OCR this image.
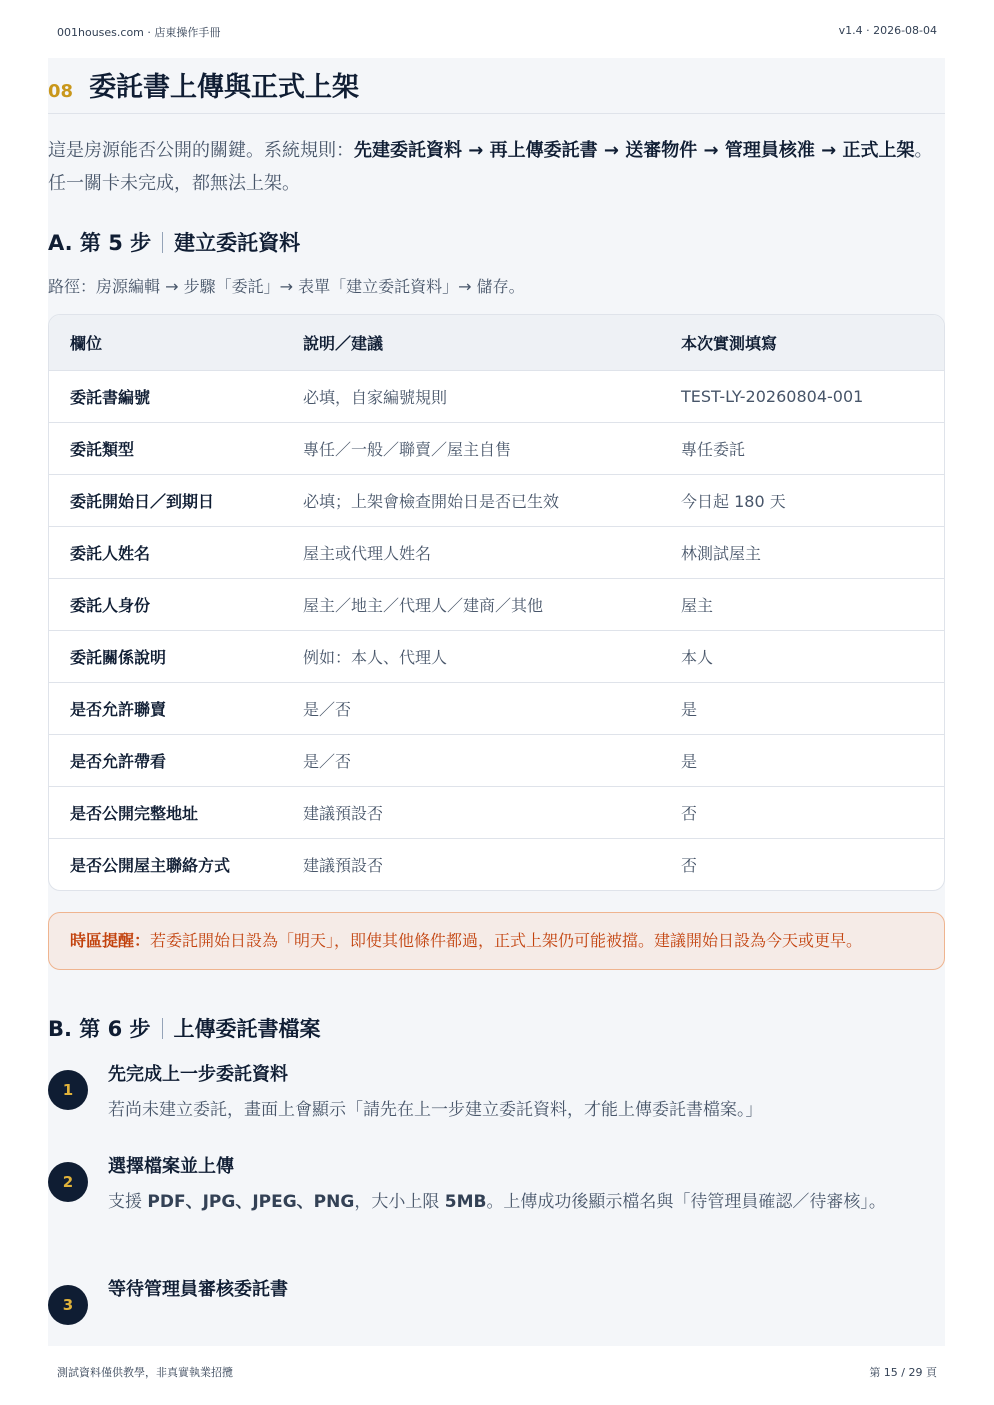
001houses.com · 店東操作手冊	v1.4 · 2026-08-04
08 委託書上傳與正式上架

這是房源能否公開的關鍵。系統規則：先建委託資料 → 再上傳委託書 → 送審物件 → 管理員核准 → 正式上架。任一關卡未完成，都無法上架。

A. 第 5 步 建立委託資料
路徑：房源編輯 → 步驟「委託」→ 表單「建立委託資料」→ 儲存。
欄位	說明／建議	本次實測填寫
委託書編號	必填，自家編號規則	TEST-LY-20260804-001
委託類型	專任／一般／聯賣／屋主自售	專任委託
委託開始日／到期日	必填；上架會檢查開始日是否已生效	今日起 180 天
委託人姓名	屋主或代理人姓名	林測試屋主
委託人身份	屋主／地主／代理人／建商／其他	屋主
委託關係說明	例如：本人、代理人	本人
是否允許聯賣	是／否	是
是否允許帶看	是／否	是
是否公開完整地址	建議預設否	否
是否公開屋主聯絡方式	建議預設否	否
時區提醒：若委託開始日設為「明天」，即使其他條件都過，正式上架仍可能被擋。建議開始日設為今天或更早。
B. 第 6 步 上傳委託書檔案
1
先完成上一步委託資料
若尚未建立委託，畫面上會顯示「請先在上一步建立委託資料，才能上傳委託書檔案。」
2
選擇檔案並上傳
支援 PDF、JPG、JPEG、PNG，大小上限 5MB。上傳成功後顯示檔名與「待管理員確認／待審核」。
3
等待管理員審核委託書
測試資料僅供教學，非真實執業招攬	第 15 / 29 頁
